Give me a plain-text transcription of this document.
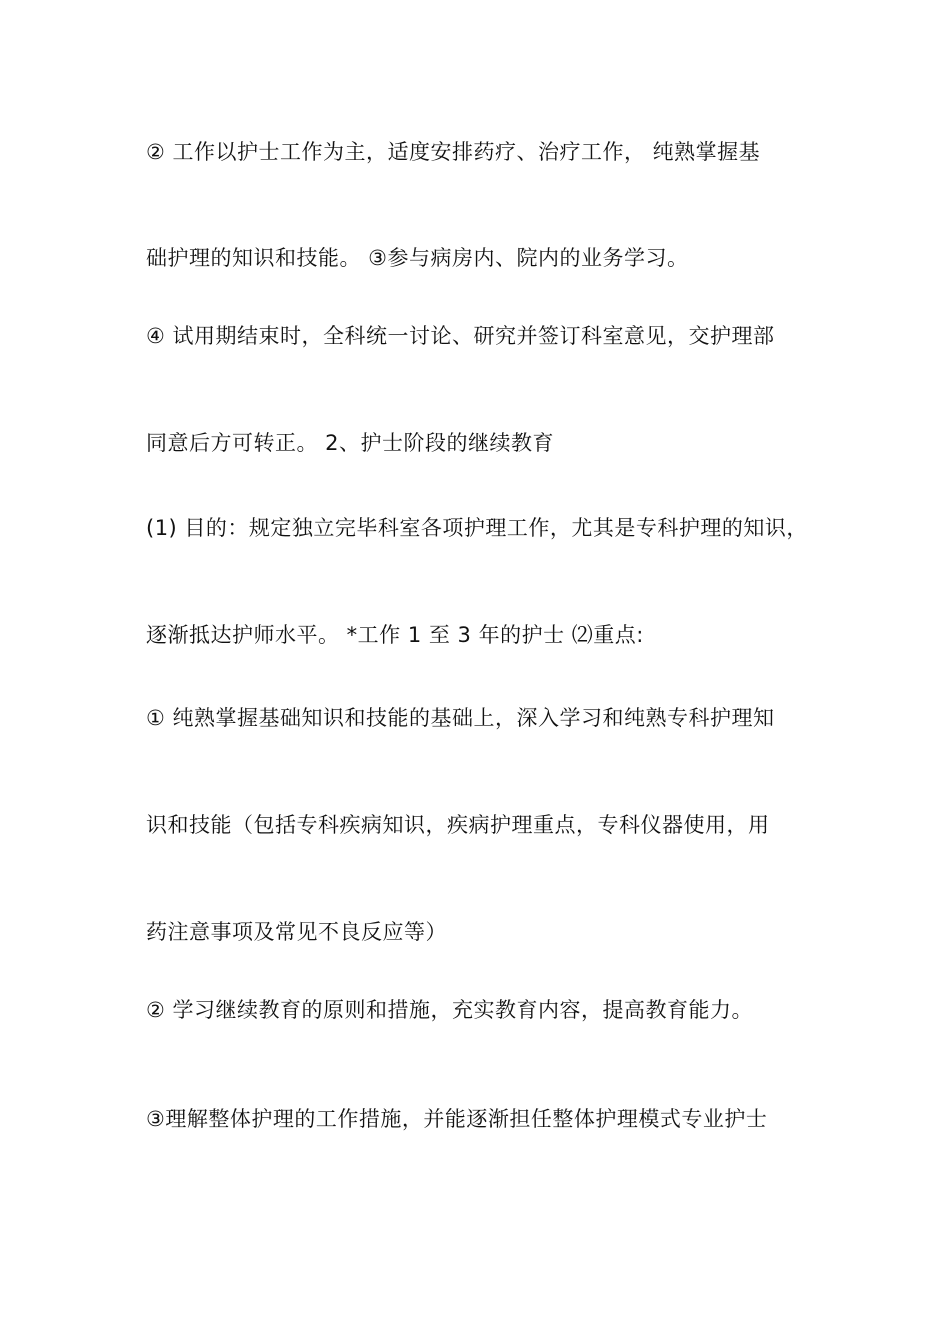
② 工作以护士工作为主，适度安排药疗、治疗工作， 纯熟掌握基
础护理的知识和技能。 ③参与病房内、院内的业务学习。
④ 试用期结束时，全科统一讨论、研究并签订科室意见，交护理部
同意后方可转正。 2、护士阶段的继续教育
(1) 目的：规定独立完毕科室各项护理工作，尤其是专科护理的知识，
逐渐抵达护师水平。 *工作 1 至 3 年的护士 ⑵重点:
① 纯熟掌握基础知识和技能的基础上，深入学习和纯熟专科护理知
识和技能（包括专科疾病知识，疾病护理重点，专科仪器使用，用
药注意事项及常见不良反应等）
② 学习继续教育的原则和措施，充实教育内容，提高教育能力。
③理解整体护理的工作措施，并能逐渐担任整体护理模式专业护士
